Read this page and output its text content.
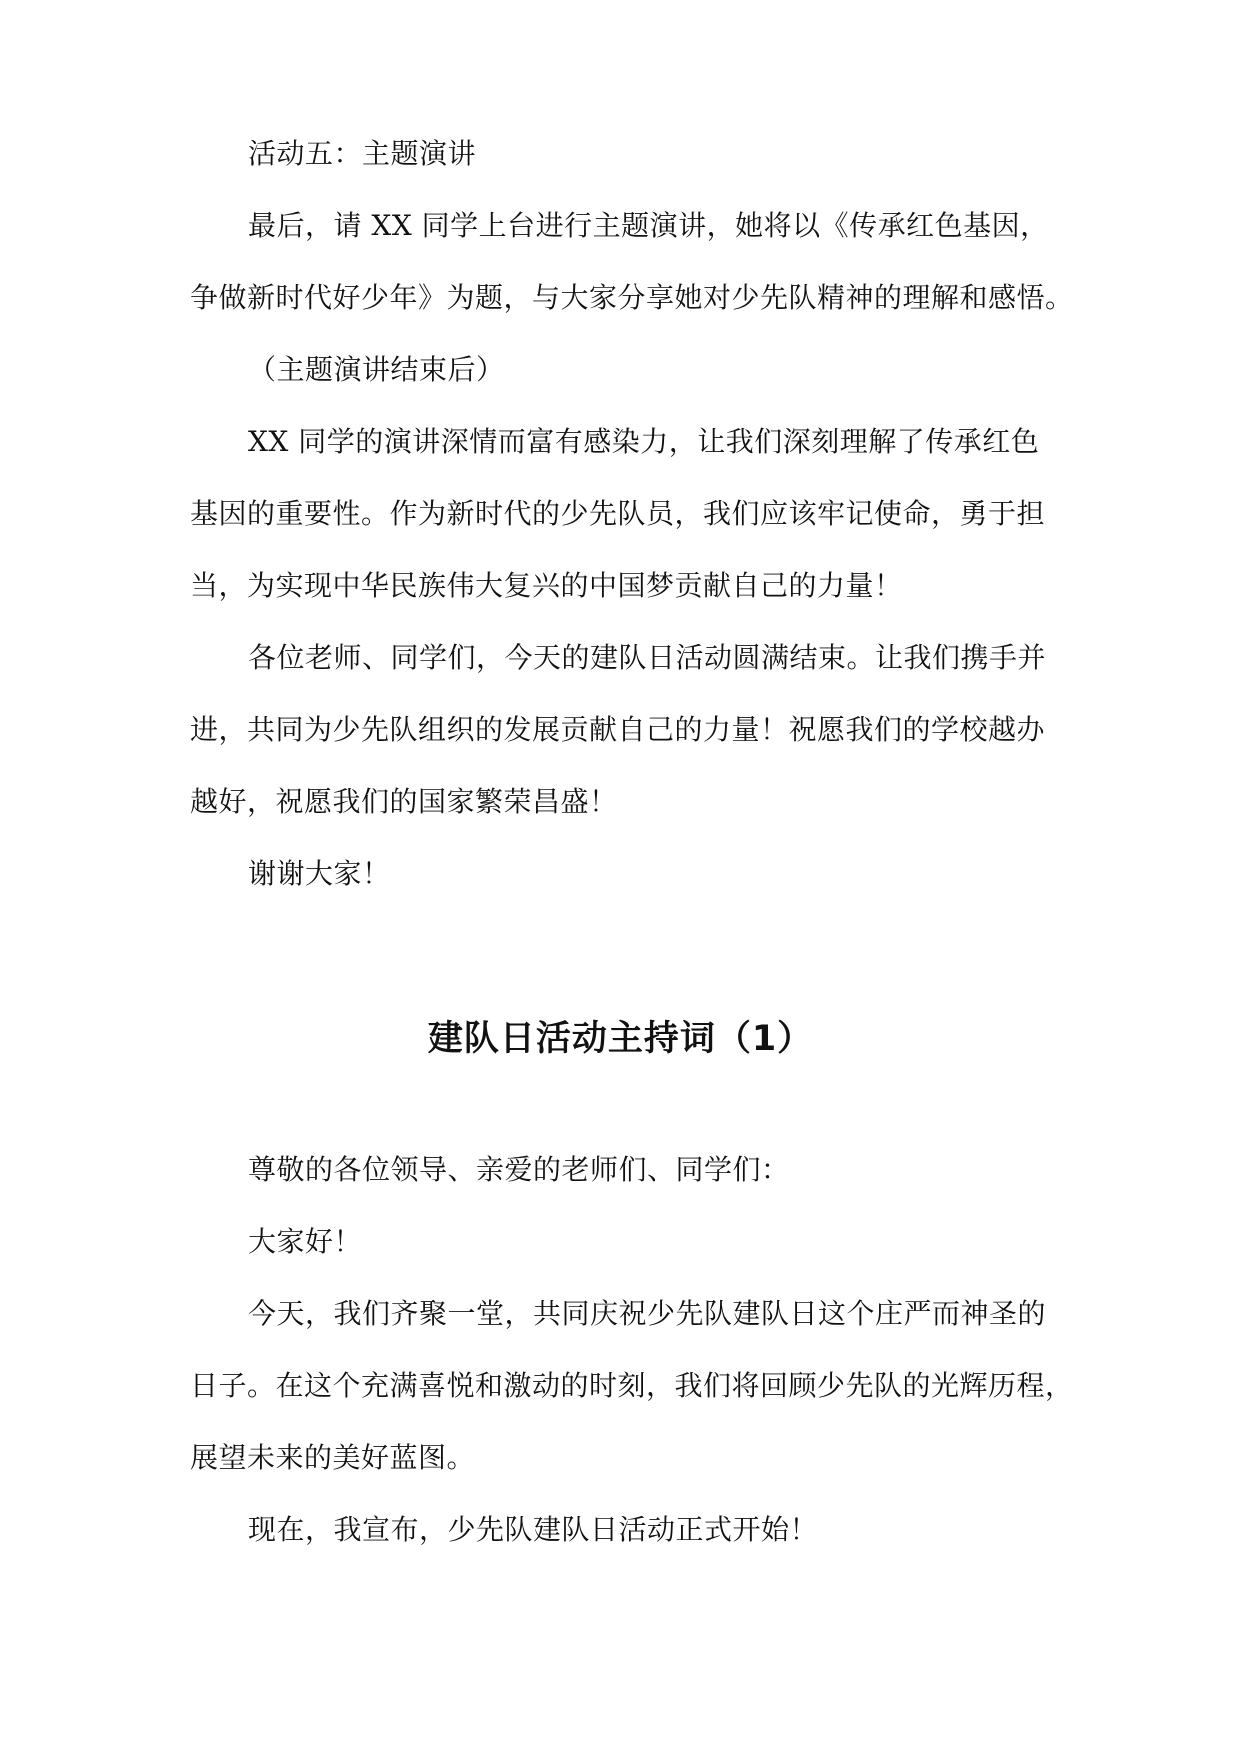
活动五：主题演讲
最后，请 XX 同学上台进行主题演讲，她将以《传承红色基因，
争做新时代好少年》为题，与大家分享她对少先队精神的理解和感悟。
（主题演讲结束后）
XX 同学的演讲深情而富有感染力，让我们深刻理解了传承红色
基因的重要性。作为新时代的少先队员，我们应该牢记使命，勇于担
当，为实现中华民族伟大复兴的中国梦贡献自己的力量！
各位老师、同学们，今天的建队日活动圆满结束。让我们携手并
进，共同为少先队组织的发展贡献自己的力量！祝愿我们的学校越办
越好，祝愿我们的国家繁荣昌盛！
谢谢大家！
建队日活动主持词（1）
尊敬的各位领导、亲爱的老师们、同学们：
大家好！
今天，我们齐聚一堂，共同庆祝少先队建队日这个庄严而神圣的
日子。在这个充满喜悦和激动的时刻，我们将回顾少先队的光辉历程，
展望未来的美好蓝图。
现在，我宣布，少先队建队日活动正式开始！
